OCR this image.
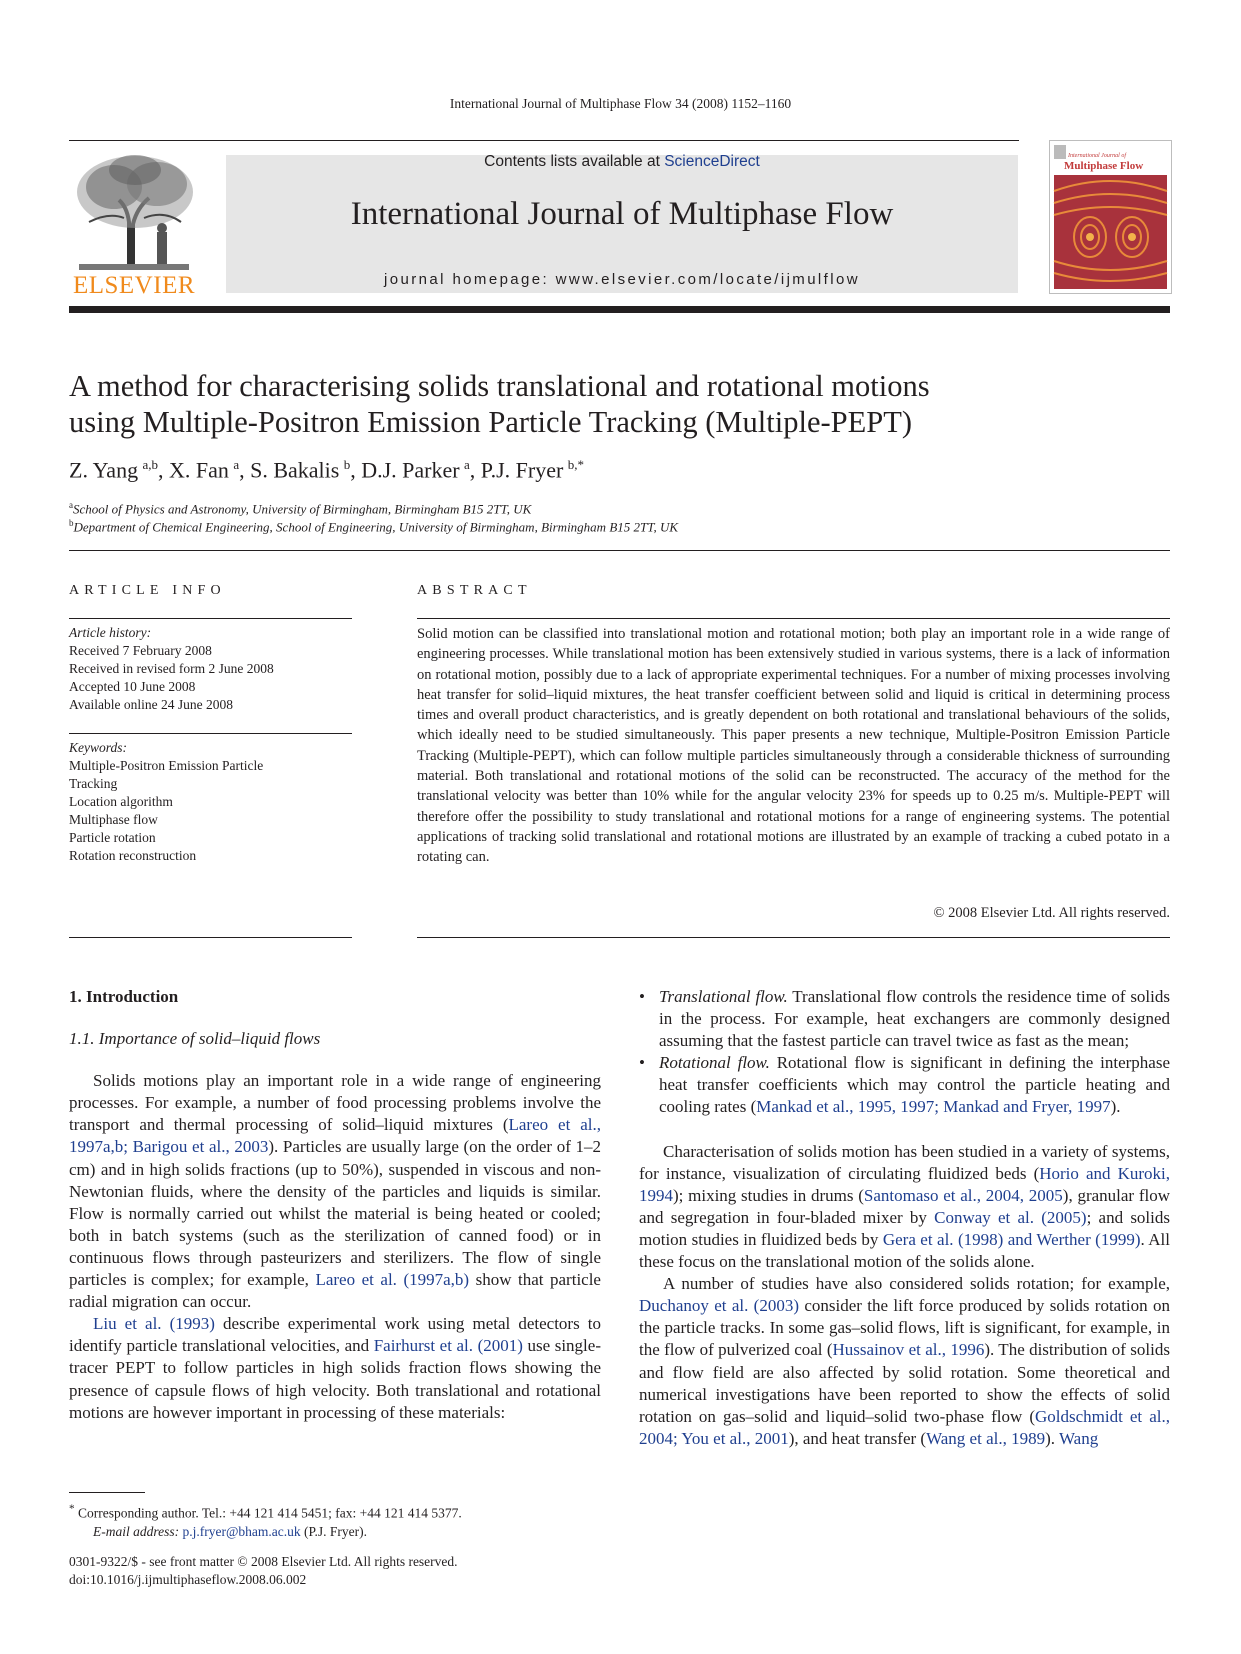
International Journal of Multiphase Flow 34 (2008) 1152–1160
ELSEVIER
Contents lists available at ScienceDirect
International Journal of Multiphase Flow
journal homepage: www.elsevier.com/locate/ijmulflow
International Journal of
Multiphase Flow
A method for characterising solids translational and rotational motions
using Multiple-Positron Emission Particle Tracking (Multiple-PEPT)
Z. Yang  $^{a,b}$, X. Fan  $^a$, S. Bakalis  $^b$, D.J. Parker  $^a$, P.J. Fryer  $^{b,*}$
$^a$School of Physics and Astronomy, University of Birmingham, Birmingham B15 2TT, UK
$^b$Department of Chemical Engineering, School of Engineering, University of Birmingham, Birmingham B15 2TT, UK
ARTICLE INFO
Article history:
Received 7 February 2008
Received in revised form 2 June 2008
Accepted 10 June 2008
Available online 24 June 2008
Keywords:
Multiple-Positron Emission Particle
Tracking
Location algorithm
Multiphase flow
Particle rotation
Rotation reconstruction
ABSTRACT
Solid motion can be classified into translational motion and rotational motion; both play an important role in a wide range of engineering processes. While translational motion has been extensively studied in various systems, there is a lack of information on rotational motion, possibly due to a lack of appropriate experimental techniques. For a number of mixing processes involving heat transfer for solid–liquid mixtures, the heat transfer coefficient between solid and liquid is critical in determining process times and overall product characteristics, and is greatly dependent on both rotational and translational behaviours of the solids, which ideally need to be studied simultaneously. This paper presents a new technique, Multiple-Positron Emission Particle Tracking (Multiple-PEPT), which can follow multiple particles simultaneously through a considerable thickness of surrounding material. Both translational and rotational motions of the solid can be reconstructed. The accuracy of the method for the translational velocity was better than 10% while for the angular velocity 23% for speeds up to 0.25 m/s. Multiple-PEPT will therefore offer the possibility to study translational and rotational motions for a range of engineering systems. The potential applications of tracking solid translational and rotational motions are illustrated by an example of tracking a cubed potato in a rotating can.
© 2008 Elsevier Ltd. All rights reserved.
1. Introduction
1.1. Importance of solid–liquid flows

Solids motions play an important role in a wide range of engineering processes. For example, a number of food processing problems involve the transport and thermal processing of solid–liquid mixtures (Lareo et al., 1997a,b; Barigou et al., 2003). Particles are usually large (on the order of 1–2 cm) and in high solids fractions (up to 50%), suspended in viscous and non-Newtonian fluids, where the density of the particles and liquids is similar. Flow is normally carried out whilst the material is being heated or cooled; both in batch systems (such as the sterilization of canned food) or in continuous flows through pasteurizers and sterilizers. The flow of single particles is complex; for example, Lareo et al. (1997a,b) show that particle radial migration can occur.

Liu et al. (1993) describe experimental work using metal detectors to identify particle translational velocities, and Fairhurst et al. (2001) use single-tracer PEPT to follow particles in high solids fraction flows showing the presence of capsule flows of high velocity. Both translational and rotational motions are however important in processing of these materials:

• Translational flow. Translational flow controls the residence time of solids in the process. For example, heat exchangers are commonly designed assuming that the fastest particle can travel twice as fast as the mean;
• Rotational flow. Rotational flow is significant in defining the interphase heat transfer coefficients which may control the particle heating and cooling rates (Mankad et al., 1995, 1997; Mankad and Fryer, 1997).

Characterisation of solids motion has been studied in a variety of systems, for instance, visualization of circulating fluidized beds (Horio and Kuroki, 1994); mixing studies in drums (Santomaso et al., 2004, 2005), granular flow and segregation in four-bladed mixer by Conway et al. (2005); and solids motion studies in fluidized beds by Gera et al. (1998) and Werther (1999). All these focus on the translational motion of the solids alone.

A number of studies have also considered solids rotation; for example, Duchanoy et al. (2003) consider the lift force produced by solids rotation on the particle tracks. In some gas–solid flows, lift is significant, for example, in the flow of pulverized coal (Hussainov et al., 1996). The distribution of solids and flow field are also affected by solid rotation. Some theoretical and numerical investigations have been reported to show the effects of solid rotation on gas–solid and liquid–solid two-phase flow (Goldschmidt et al., 2004; You et al., 2001), and heat transfer (Wang et al., 1989). Wang

* Corresponding author. Tel.: +44 121 414 5451; fax: +44 121 414 5377.
E-mail address: p.j.fryer@bham.ac.uk (P.J. Fryer).
0301-9322/$ - see front matter © 2008 Elsevier Ltd. All rights reserved.
doi:10.1016/j.ijmultiphaseflow.2008.06.002
